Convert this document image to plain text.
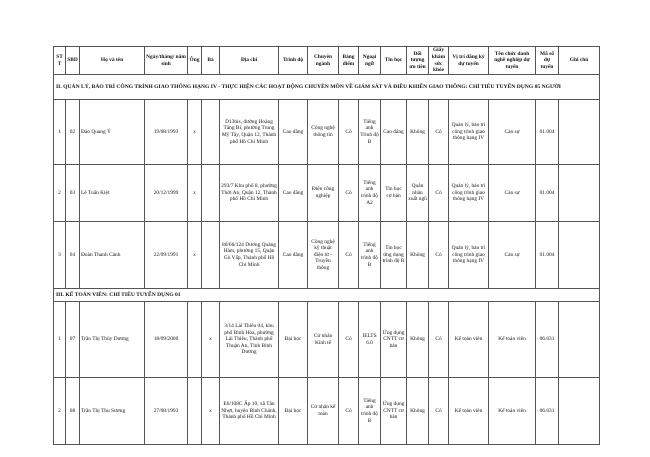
STT	SBD	Họ và tên	Ngày/tháng/ năm sinh	Ông	Bà	Địa chỉ	Trình độ	Chuyên ngành	Bảng điểm	Ngoại ngữ	Tin học	Đối tượng ưu tiên	Giấy khám sức khỏe	Vị trí đăng ký dự tuyển	Tên chức danh nghề nghiệp dự tuyển	Mã số dự tuyển	Ghi chú
II. QUẢN LÝ, BẢO TRÌ CÔNG TRÌNH GIAO THÔNG HẠNG IV - THỰC HIỆN CÁC HOẠT ĐỘNG CHUYÊN MÔN VỀ GIÁM SÁT VÀ ĐIỀU KHIỂN GIAO THÔNG: CHỈ TIÊU TUYỂN DỤNG 05 NGƯỜI																	
1	02	Đào Quang Ý	19/08/1993	x		D13bis, đường Hoàng Tăng Bí, phường Trung Mỹ Tây, Quận 12, Thành phố Hồ Chí Minh	Cao đẳng	Công nghệ thông tin	Có	Tiếng anh Trình độ B	Cao đẳng	Không	Có	Quản lý, bảo trì công trình giao thông hạng IV	Cán sự	01.004	
2	03	Lê Tuấn Kiệt	20/12/1999	x		293/7 Khu phố 8, phường Thới An, Quận 12, Thành phố Hồ Chí Minh	Cao đẳng	Điện công nghiệp	Có	Tiếng anh trình độ A2	Tin học cơ bản	Quân nhân xuất ngũ	Có	Quản lý, bảo trì công trình giao thông hạng IV	Cán sự	01.004	
3	04	Đoàn Thanh Cảnh	22/09/1991	x		80/66/124 Dương Quảng Hàm, phường 15, Quận Gò Vấp, Thành phố Hồ Chí Minh	Cao đẳng	Công nghệ kỹ thuật điện tử - Truyền thông	Có	Tiếng anh trình độ B	Tin học ứng dụng trình độ B	Không	Có	Quản lý, bảo trì công trình giao thông hạng IV	Cán sự	01.004	
III. KẾ TOÁN VIÊN: CHỈ TIÊU TUYỂN DỤNG 01																	
1	07	Trần Thị Thùy Dương	18/09/2000		x	3/14 Lái Thiêu 04, khu phố Bình Hòa, phường Lái Thiêu, Thành phố Thuận An, Tỉnh Bình Dương	Đại học	Cử nhân Kinh tế	Có	IELTS 6.0	Ứng dụng CNTT cơ bản	Không	Có	Kế toán viên	Kế toán viên	06.031	
2	08	Trần Thị Thu Sương	27/08/1993		x	E6/108C Ấp 10, xã Tân Nhựt, huyện Bình Chánh, Thành phố Hồ Chí Minh	Đại học	Cử nhân kế toán	Có	Tiếng anh trình độ B	Ứng dụng CNTT cơ bản	Không	Có	Kế toán viên	Kế toán viên	06.031	
